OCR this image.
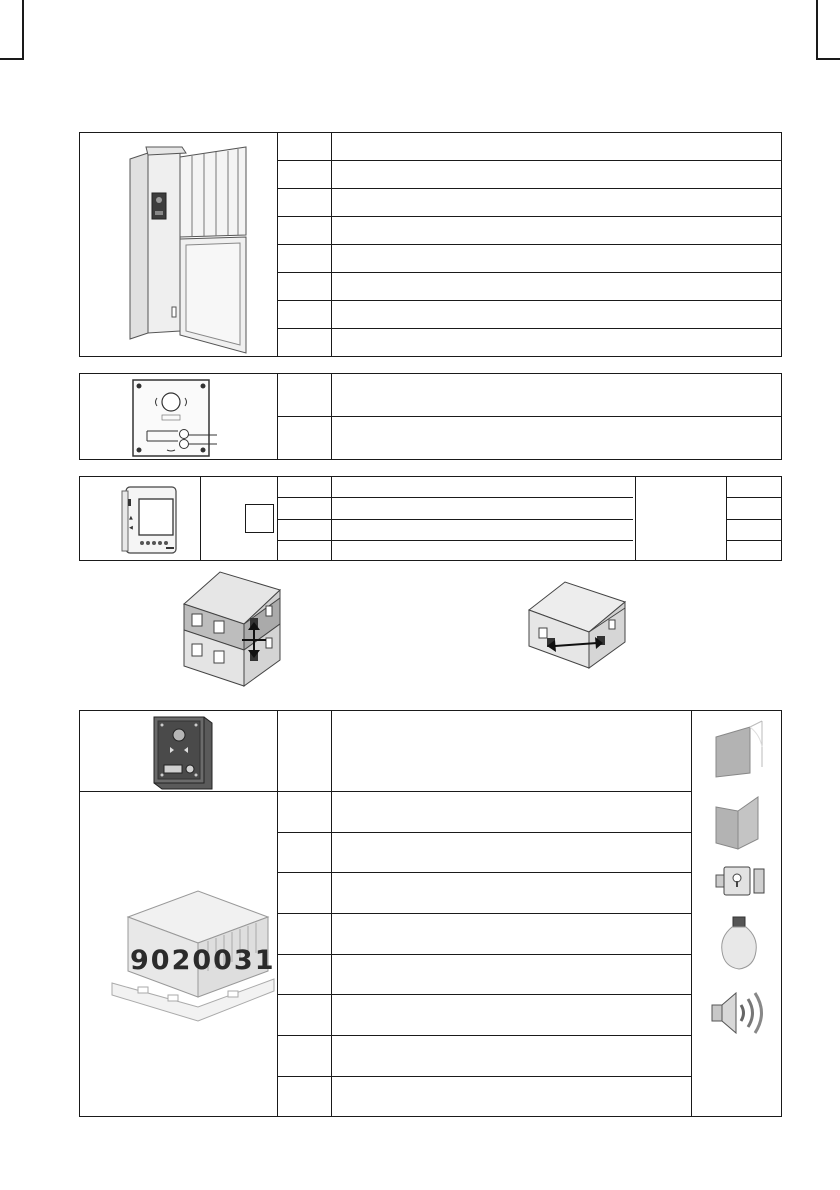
▲
◀
9020031
